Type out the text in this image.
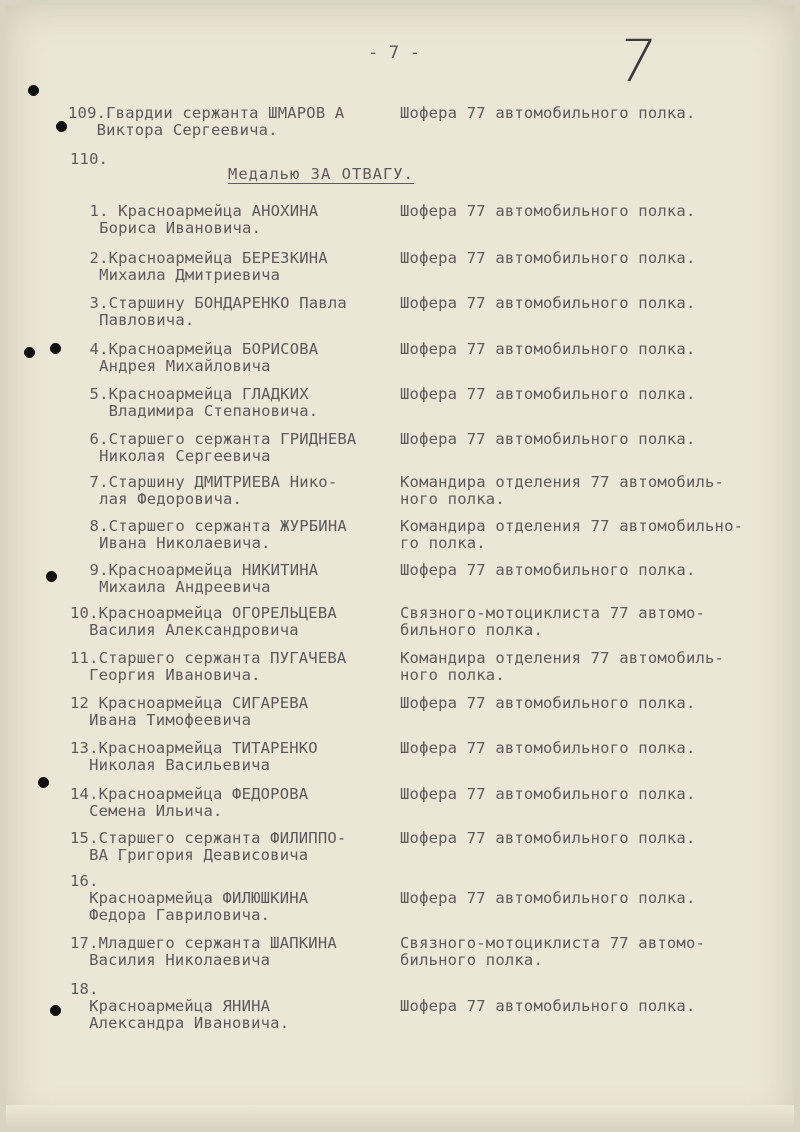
- 7 -	7
109.Гвардии сержанта ШМАРОВ А
Виктора Сергеевича.
Шофера 77 автомобильного полка.
110.
Медалью ЗА ОТВАГУ.
1. Красноармейца АНОХИНА
Бориса Ивановича.
Шофера 77 автомобильного полка.
2.Красноармейца БЕРЕЗКИНА
Михаила Дмитриевича
Шофера 77 автомобильного полка.
3.Старшину БОНДАРЕНКО Павла
Павловича.
Шофера 77 автомобильного полка.
4.Красноармейца БОРИСОВА
Андрея Михайловича
Шофера 77 автомобильного полка.
5.Красноармейца ГЛАДКИХ
Владимира Степановича.
Шофера 77 автомобильного полка.
6.Старшего сержанта ГРИДНЕВА
Николая Сергеевича
Шофера 77 автомобильного полка.
7.Старшину ДМИТРИЕВА Нико-
лая Федоровича.
Командира отделения 77 автомобиль-
ного полка.
8.Старшего сержанта ЖУРБИНА
Ивана Николаевича.
Командира отделения 77 автомобильно-
го полка.
9.Красноармейца НИКИТИНА
Михаила Андреевича
Шофера 77 автомобильного полка.
10.Красноармейца ОГОРЕЛЬЦЕВА
Василия Александровича
Связного-мотоциклиста 77 автомо-
бильного полка.
11.Старшего сержанта ПУГАЧЕВА
Георгия Ивановича.
Командира отделения 77 автомобиль-
ного полка.
12 Красноармейца СИГАРЕВА
Ивана Тимофеевича
Шофера 77 автомобильного полка.
13.Красноармейца ТИТАРЕНКО
Николая Васильевича
Шофера 77 автомобильного полка.
14.Красноармейца ФЕДОРОВА
Семена Ильича.
Шофера 77 автомобильного полка.
15.Старшего сержанта ФИЛИППО-
ВА Григория Деависовича
Шофера 77 автомобильного полка.
16.
Красноармейца ФИЛЮШКИНА
Федора Гавриловича.

Шофера 77 автомобильного полка.
17.Младшего сержанта ШАПКИНА
Василия Николаевича
Связного-мотоциклиста 77 автомо-
бильного полка.
18.
Красноармейца ЯНИНА
Александра Ивановича.

Шофера 77 автомобильного полка.
